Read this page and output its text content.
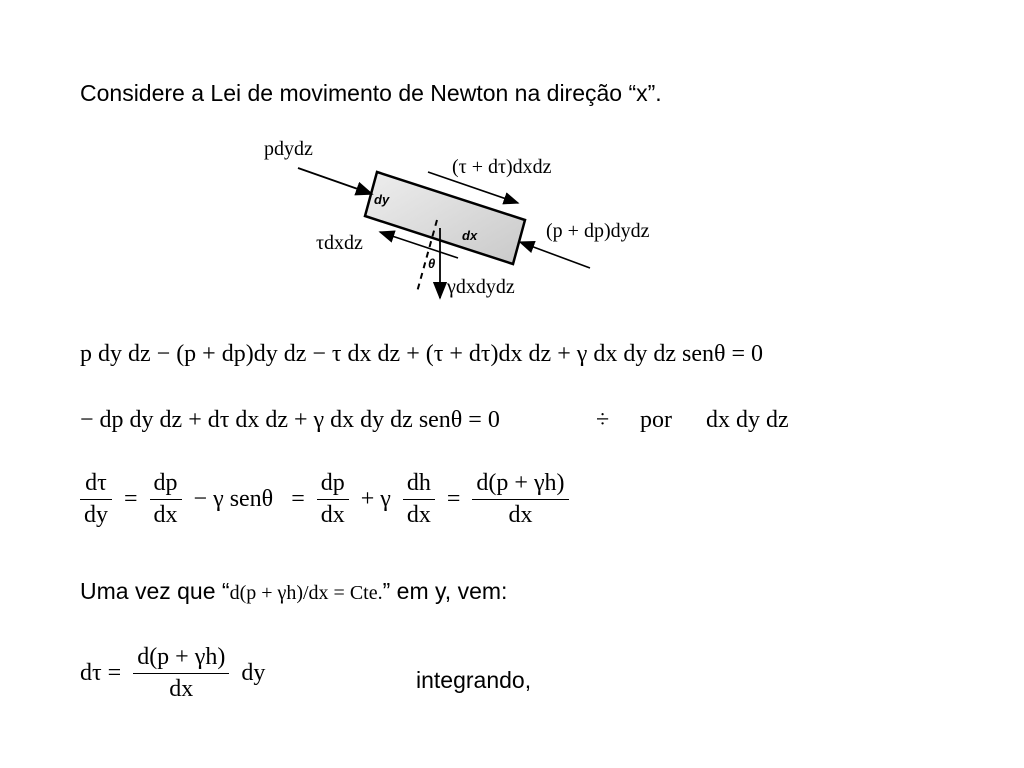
Considere a Lei de movimento de Newton na direção “x”.
pdydz
(τ + dτ)dxdz
(p + dp)dydz
τdxdz
γdxdydz
dy
dx
θ
p dy dz − (p + dp)dy dz − τ dx dz + (τ + dτ)dx dz + γ dx dy dz senθ = 0
− dp dy dz + dτ dx dz + γ dx dy dz senθ = 0	÷ por dx dy dz
$\frac{d\tau}{dy} = \frac{dp}{dx} - \gamma$ $sen\theta = \frac{dp}{dx} + \gamma \frac{dh}{dx} = \frac{d(p + \gamma h)}{dx}$
Uma vez que “d(p + γh)/dx = Cte.” em y, vem:
$d\tau = \frac{d(p + \gamma h)}{dx}$ dy	integrando,
